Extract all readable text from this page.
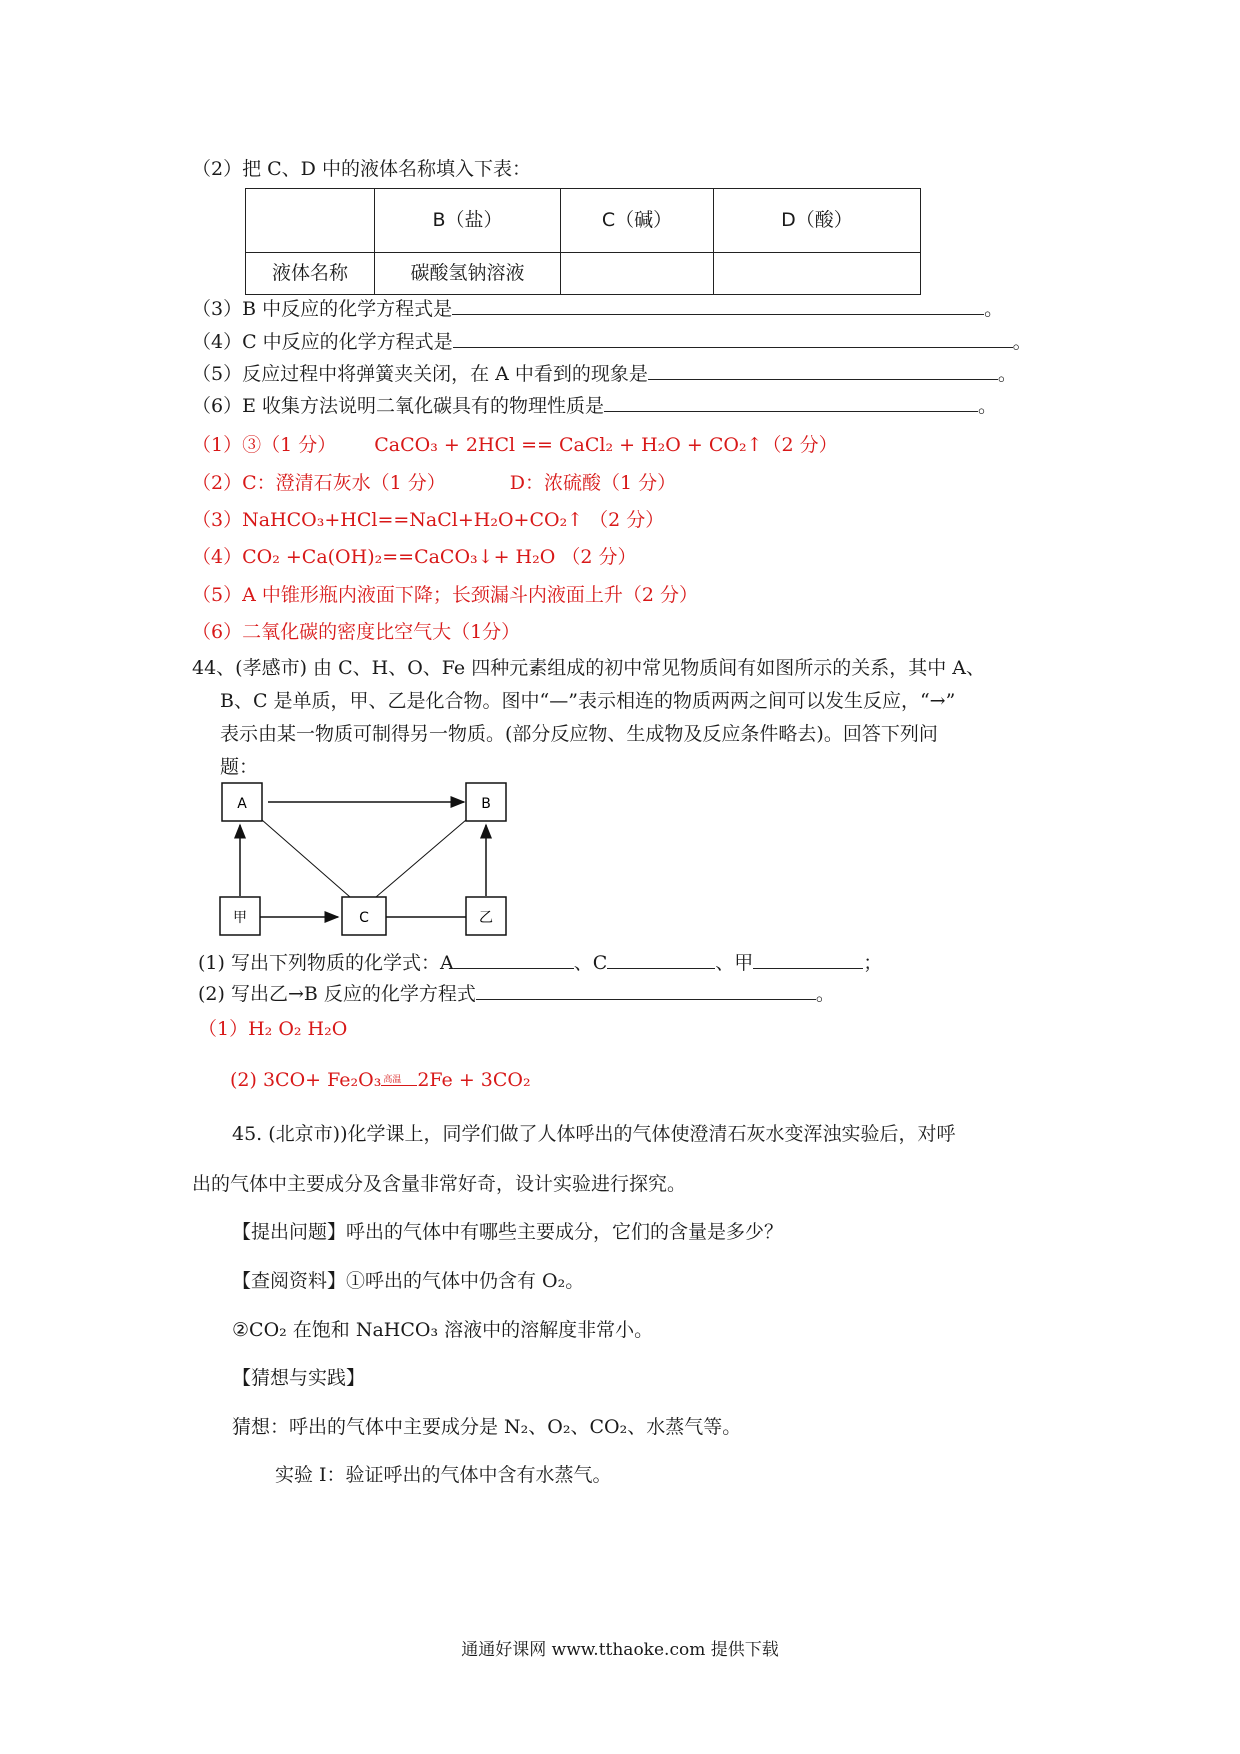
（2）把 C、D 中的液体名称填入下表：
	B（盐）	C（碱）	D（酸）
液体名称	碳酸氢钠溶液		
（3）B 中反应的化学方程式是	。
（4）C 中反应的化学方程式是	。
（5）反应过程中将弹簧夹关闭，在 A 中看到的现象是	。
（6）E 收集方法说明二氧化碳具有的物理性质是	。
（1）③（1 分） CaCO₃ + 2HCl == CaCl₂ + H₂O + CO₂↑（2 分）
（2）C：澄清石灰水（1 分）	D：浓硫酸（1 分）
（3）NaHCO₃+HCl==NaCl+H₂O+CO₂↑ （2 分）
（4）CO₂ +Ca(OH)₂==CaCO₃↓+ H₂O （2 分）
（5）A 中锥形瓶内液面下降；长颈漏斗内液面上升（2 分）
（6）二氧化碳的密度比空气大（1分）
44、(孝感市) 由 C、H、O、Fe 四种元素组成的初中常见物质间有如图所示的关系，其中 A、
B、C 是单质，甲、乙是化合物。图中“—”表示相连的物质两两之间可以发生反应，“→”
表示由某一物质可制得另一物质。(部分反应物、生成物及反应条件略去)。回答下列问
题：
A	B
甲	C	乙
(1) 写出下列物质的化学式：A	、C	、甲	；
(2) 写出乙→B 反应的化学方程式	。
（1）H₂ O₂ H₂O
(2) 3CO+ Fe₂O₃ 高温 2Fe + 3CO₂
45. (北京市))化学课上，同学们做了人体呼出的气体使澄清石灰水变浑浊实验后，对呼
出的气体中主要成分及含量非常好奇，设计实验进行探究。
【提出问题】呼出的气体中有哪些主要成分，它们的含量是多少？
【查阅资料】①呼出的气体中仍含有 O₂。
②CO₂ 在饱和 NaHCO₃ 溶液中的溶解度非常小。
【猜想与实践】
猜想：呼出的气体中主要成分是 N₂、O₂、CO₂、水蒸气等。
实验 I：验证呼出的气体中含有水蒸气。
通通好课网 www.tthaoke.com 提供下载
